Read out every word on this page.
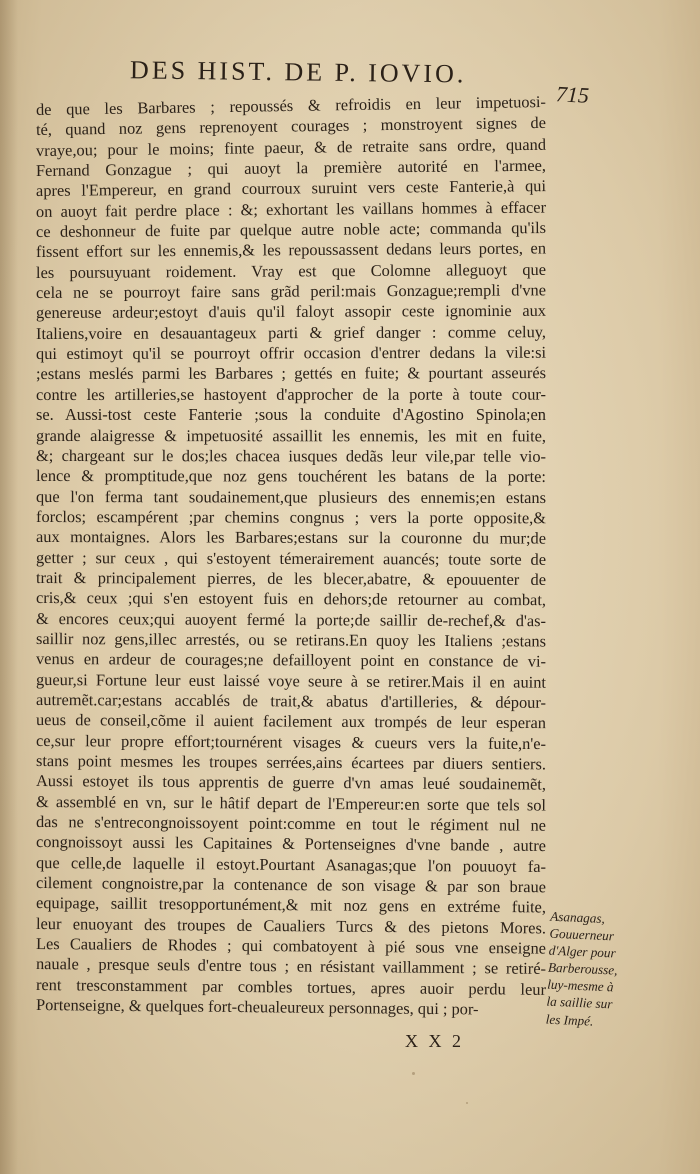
DES HIST. DE P. IOVIO.
715
de que les Barbares ; repoussés & refroidis en leur impetuosi-
té, quand noz gens reprenoyent courages ; monstroyent signes de
vraye,ou; pour le moins; finte paeur, & de retraite sans ordre, quand
Fernand Gonzague ; qui auoyt la première autorité en l'armee,
apres l'Empereur, en grand courroux suruint vers ceste Fanterie,à qui
on auoyt fait perdre place : &; exhortant les vaillans hommes à effacer
ce deshonneur de fuite par quelque autre noble acte; commanda qu'ils
fissent effort sur les ennemis,& les repoussassent dedans leurs portes, en
les poursuyuant roidement. Vray est que Colomne alleguoyt que
cela ne se pourroyt faire sans grãd peril:mais Gonzague;rempli d'vne
genereuse ardeur;estoyt d'auis qu'il faloyt assopir ceste ignominie aux
Italiens,voire en desauantageux parti & grief danger : comme celuy,
qui estimoyt qu'il se pourroyt offrir occasion d'entrer dedans la vile:si
;estans meslés parmi les Barbares ; gettés en fuite; & pourtant asseurés
contre les artilleries,se hastoyent d'approcher de la porte à toute cour-
se. Aussi-tost ceste Fanterie ;sous la conduite d'Agostino Spinola;en
grande alaigresse & impetuosité assaillit les ennemis, les mit en fuite,
&; chargeant sur le dos;les chacea iusques dedãs leur vile,par telle vio-
lence & promptitude,que noz gens touchérent les batans de la porte:
que l'on ferma tant soudainement,que plusieurs des ennemis;en estans
forclos; escampérent ;par chemins congnus ; vers la porte opposite,&
aux montaignes. Alors les Barbares;estans sur la couronne du mur;de
getter ; sur ceux , qui s'estoyent témerairement auancés; toute sorte de
trait & principalement pierres, de les blecer,abatre, & epouuenter de
cris,& ceux ;qui s'en estoyent fuis en dehors;de retourner au combat,
& encores ceux;qui auoyent fermé la porte;de saillir de-rechef,& d'as-
saillir noz gens,illec arrestés, ou se retirans.En quoy les Italiens ;estans
venus en ardeur de courages;ne defailloyent point en constance de vi-
gueur,si Fortune leur eust laissé voye seure à se retirer.Mais il en auint
autremẽt.car;estans accablés de trait,& abatus d'artilleries, & dépour-
ueus de conseil,cõme il auient facilement aux trompés de leur esperan
ce,sur leur propre effort;tournérent visages & cueurs vers la fuite,n'e-
stans point mesmes les troupes serrées,ains écartees par diuers sentiers.
Aussi estoyet ils tous apprentis de guerre d'vn amas leué soudainemẽt,
& assemblé en vn, sur le hâtif depart de l'Empereur:en sorte que tels sol
das ne s'entrecongnoissoyent point:comme en tout le régiment nul ne
congnoissoyt aussi les Capitaines & Portenseignes d'vne bande , autre
que celle,de laquelle il estoyt.Pourtant Asanagas;que l'on pouuoyt fa-
cilement congnoistre,par la contenance de son visage & par son braue
equipage, saillit tresopportunément,& mit noz gens en extréme fuite,
leur enuoyant des troupes de Caualiers Turcs & des pietons Mores.
Les Caualiers de Rhodes ; qui combatoyent à pié sous vne enseigne
nauale , presque seuls d'entre tous ; en résistant vaillamment ; se retiré-
rent tresconstamment par combles tortues, apres auoir perdu leur
Portenseigne, & quelques fort-cheualeureux personnages, qui ; por-
Asanagas,
Gouuerneur
d'Alger pour
Barberousse,
luy-mesme à
la saillie sur
les Impé.
X X 2
